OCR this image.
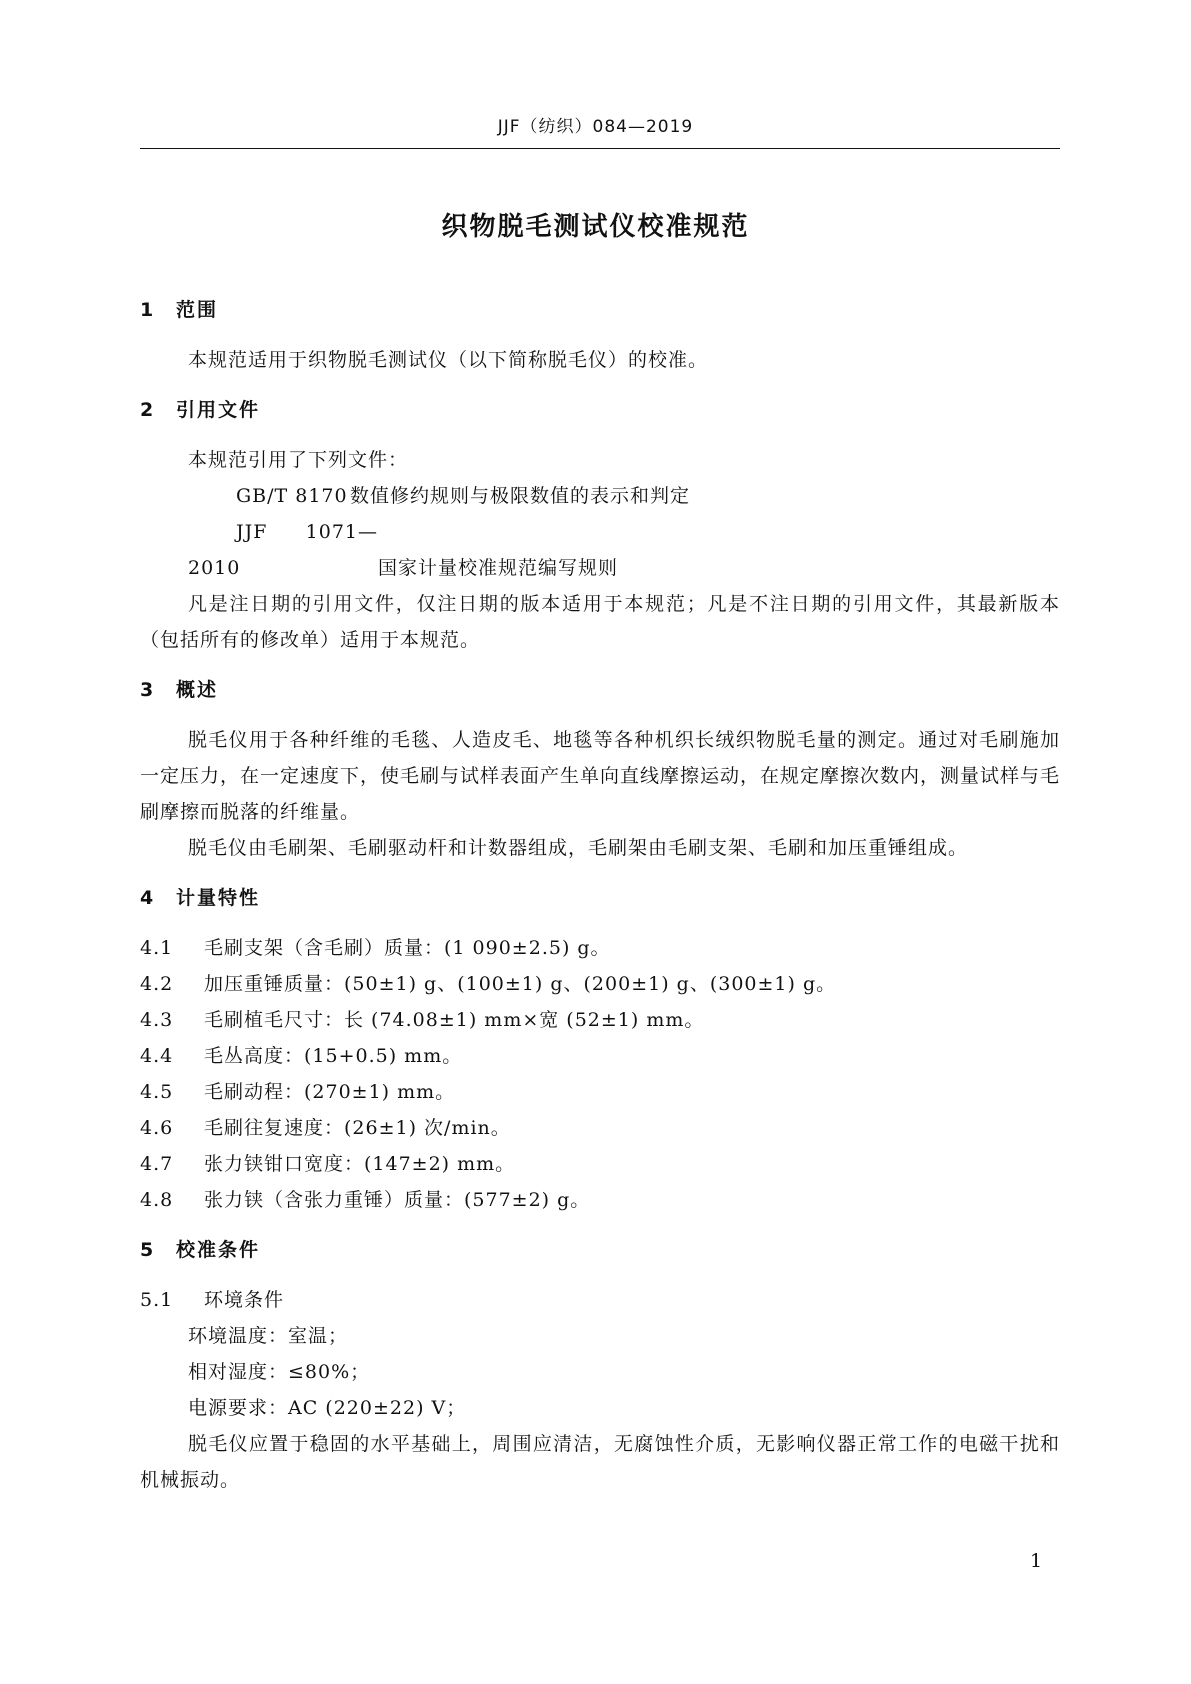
JJF（纺织）084—2019
织物脱毛测试仪校准规范
1 范围

本规范适用于织物脱毛测试仪（以下简称脱毛仪）的校准。

2 引用文件

本规范引用了下列文件：

GB/T 8170 数值修约规则与极限数值的表示和判定

JJF 1071—2010	国家计量校准规范编写规则

凡是注日期的引用文件，仅注日期的版本适用于本规范；凡是不注日期的引用文件，其最新版本（包括所有的修改单）适用于本规范。

3 概述

脱毛仪用于各种纤维的毛毯、人造皮毛、地毯等各种机织长绒织物脱毛量的测定。通过对毛刷施加一定压力，在一定速度下，使毛刷与试样表面产生单向直线摩擦运动，在规定摩擦次数内，测量试样与毛刷摩擦而脱落的纤维量。

脱毛仪由毛刷架、毛刷驱动杆和计数器组成，毛刷架由毛刷支架、毛刷和加压重锤组成。

4 计量特性

4.1 毛刷支架（含毛刷）质量：(1 090±2.5) g。

4.2 加压重锤质量：(50±1) g、(100±1) g、(200±1) g、(300±1) g。

4.3 毛刷植毛尺寸：长 (74.08±1) mm×宽 (52±1) mm。

4.4 毛丛高度：(15+0.5) mm。

4.5 毛刷动程：(270±1) mm。

4.6 毛刷往复速度：(26±1) 次/min。

4.7 张力铗钳口宽度：(147±2) mm。

4.8 张力铗（含张力重锤）质量：(577±2) g。

5 校准条件

5.1 环境条件

环境温度：室温；

相对湿度：≤80%；

电源要求：AC (220±22) V；

脱毛仪应置于稳固的水平基础上，周围应清洁，无腐蚀性介质，无影响仪器正常工作的电磁干扰和机械振动。

1
